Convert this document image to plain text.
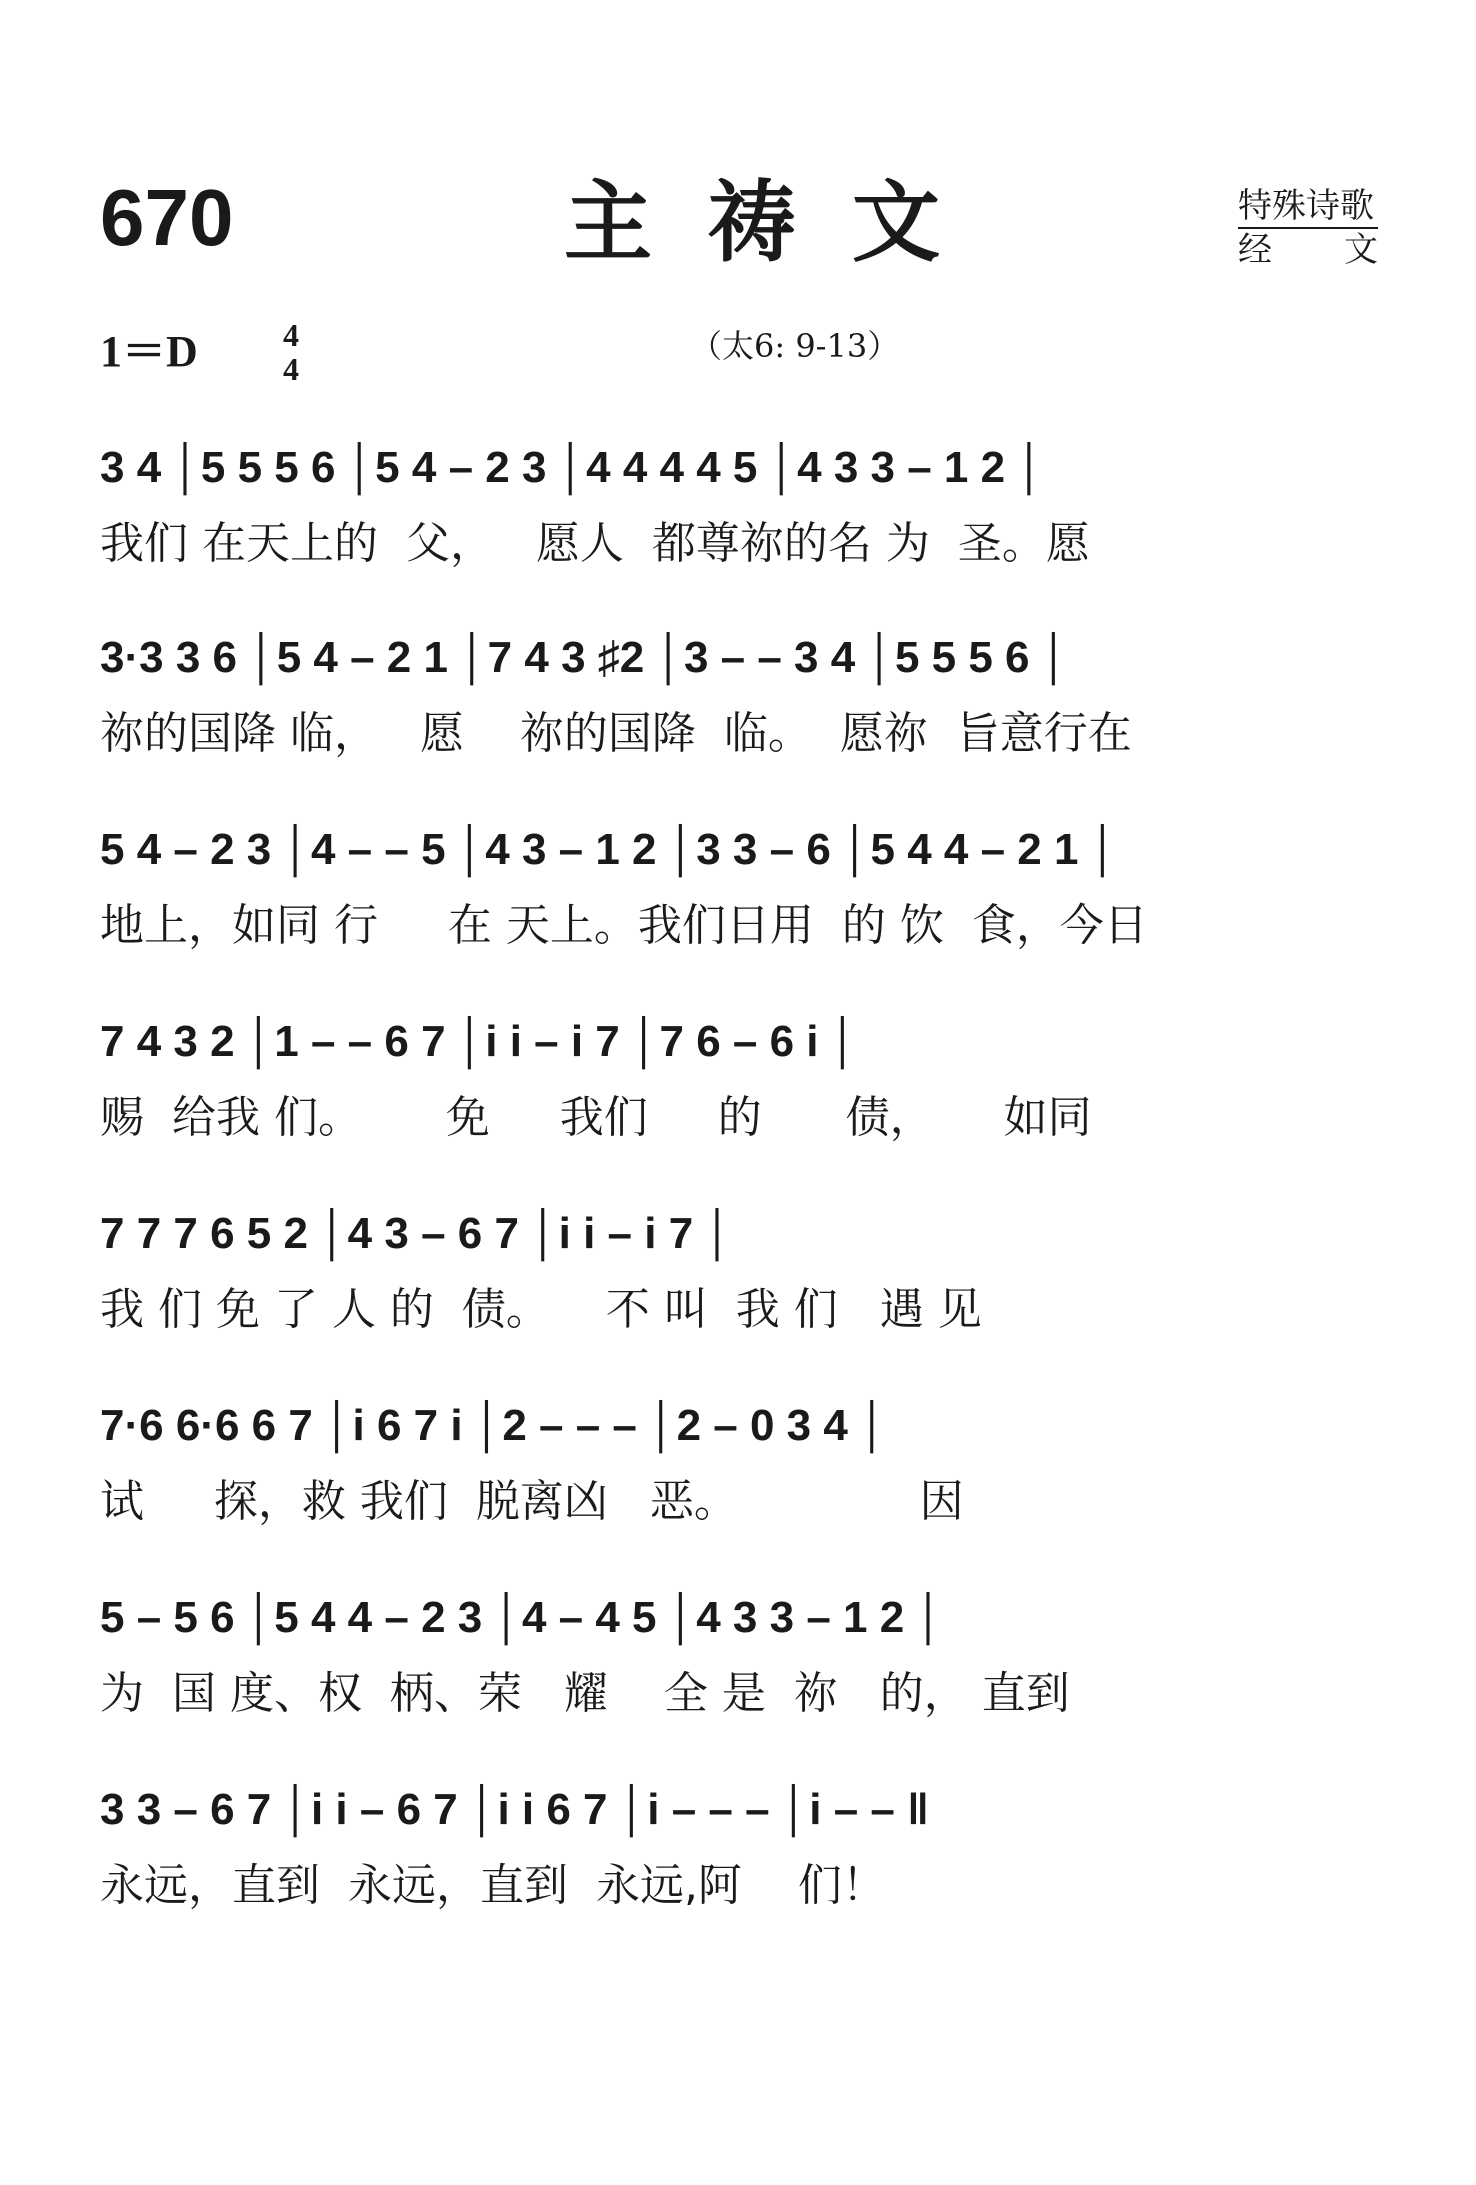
670	主祷文	特殊诗歌
经　　文
1＝D	4
4
（太6: 9-13）
3 4 │5 5 5 6 │5 4 – 2 3 │4 4 4 4 5 │4 3 3 – 1 2 │
我们 在天上的  父，   愿人  都尊祢的名 为  圣。愿
3·3 3 6 │5 4 – 2 1 │7 4 3 ♯2 │3 – – 3 4 │5 5 5 6 │
祢的国降 临，   愿    祢的国降  临。  愿祢  旨意行在
5 4 – 2 3 │4 – – 5 │4 3 – 1 2 │3 3 – 6 │5 4 4 – 2 1 │
地上，如同 行     在 天上。我们日用  的 饮  食，今日
7 4 3 2 │1 – – 6 7 │i i – i 7 │7 6 – 6 i │
赐  给我 们。      免     我们     的      债，     如同
7 7 7 6 5 2 │4 3 – 6 7 │i i – i 7 │
我 们 免 了 人 的  债。    不 叫  我 们   遇 见
7·6 6·6 6 7 │i 6 7 i │2 – – – │2 – 0 3 4 │
试     探，救 我们  脱离凶   恶。             因
5 – 5 6 │5 4 4 – 2 3 │4 – 4 5 │4 3 3 – 1 2 │
为  国 度、权  柄、荣   耀    全 是  祢   的， 直到
3 3 – 6 7 │i i – 6 7 │i i 6 7 │i – – – │i – – ‖
永远，直到  永远，直到  永远,阿    们！
